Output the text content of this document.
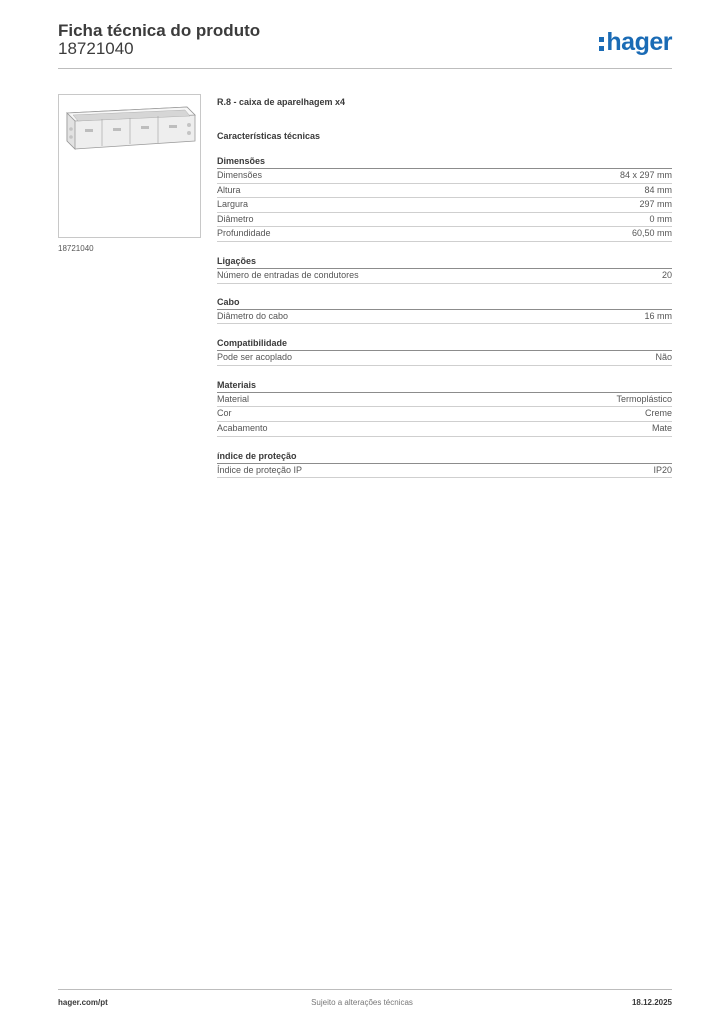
Ficha técnica do produto
18721040	hager
18721040
R.8 - caixa de aparelhagem x4
Características técnicas
Dimensões
Dimensões	84 x 297 mm
Altura	84 mm
Largura	297 mm
Diâmetro	0 mm
Profundidade	60,50 mm
Ligações
Número de entradas de condutores	20
Cabo
Diâmetro do cabo	16 mm
Compatibilidade
Pode ser acoplado	Não
Materiais
Material	Termoplástico
Cor	Creme
Acabamento	Mate
índice de proteção
Índice de proteção IP	IP20
hager.com/pt	Sujeito a alterações técnicas	18.12.2025
